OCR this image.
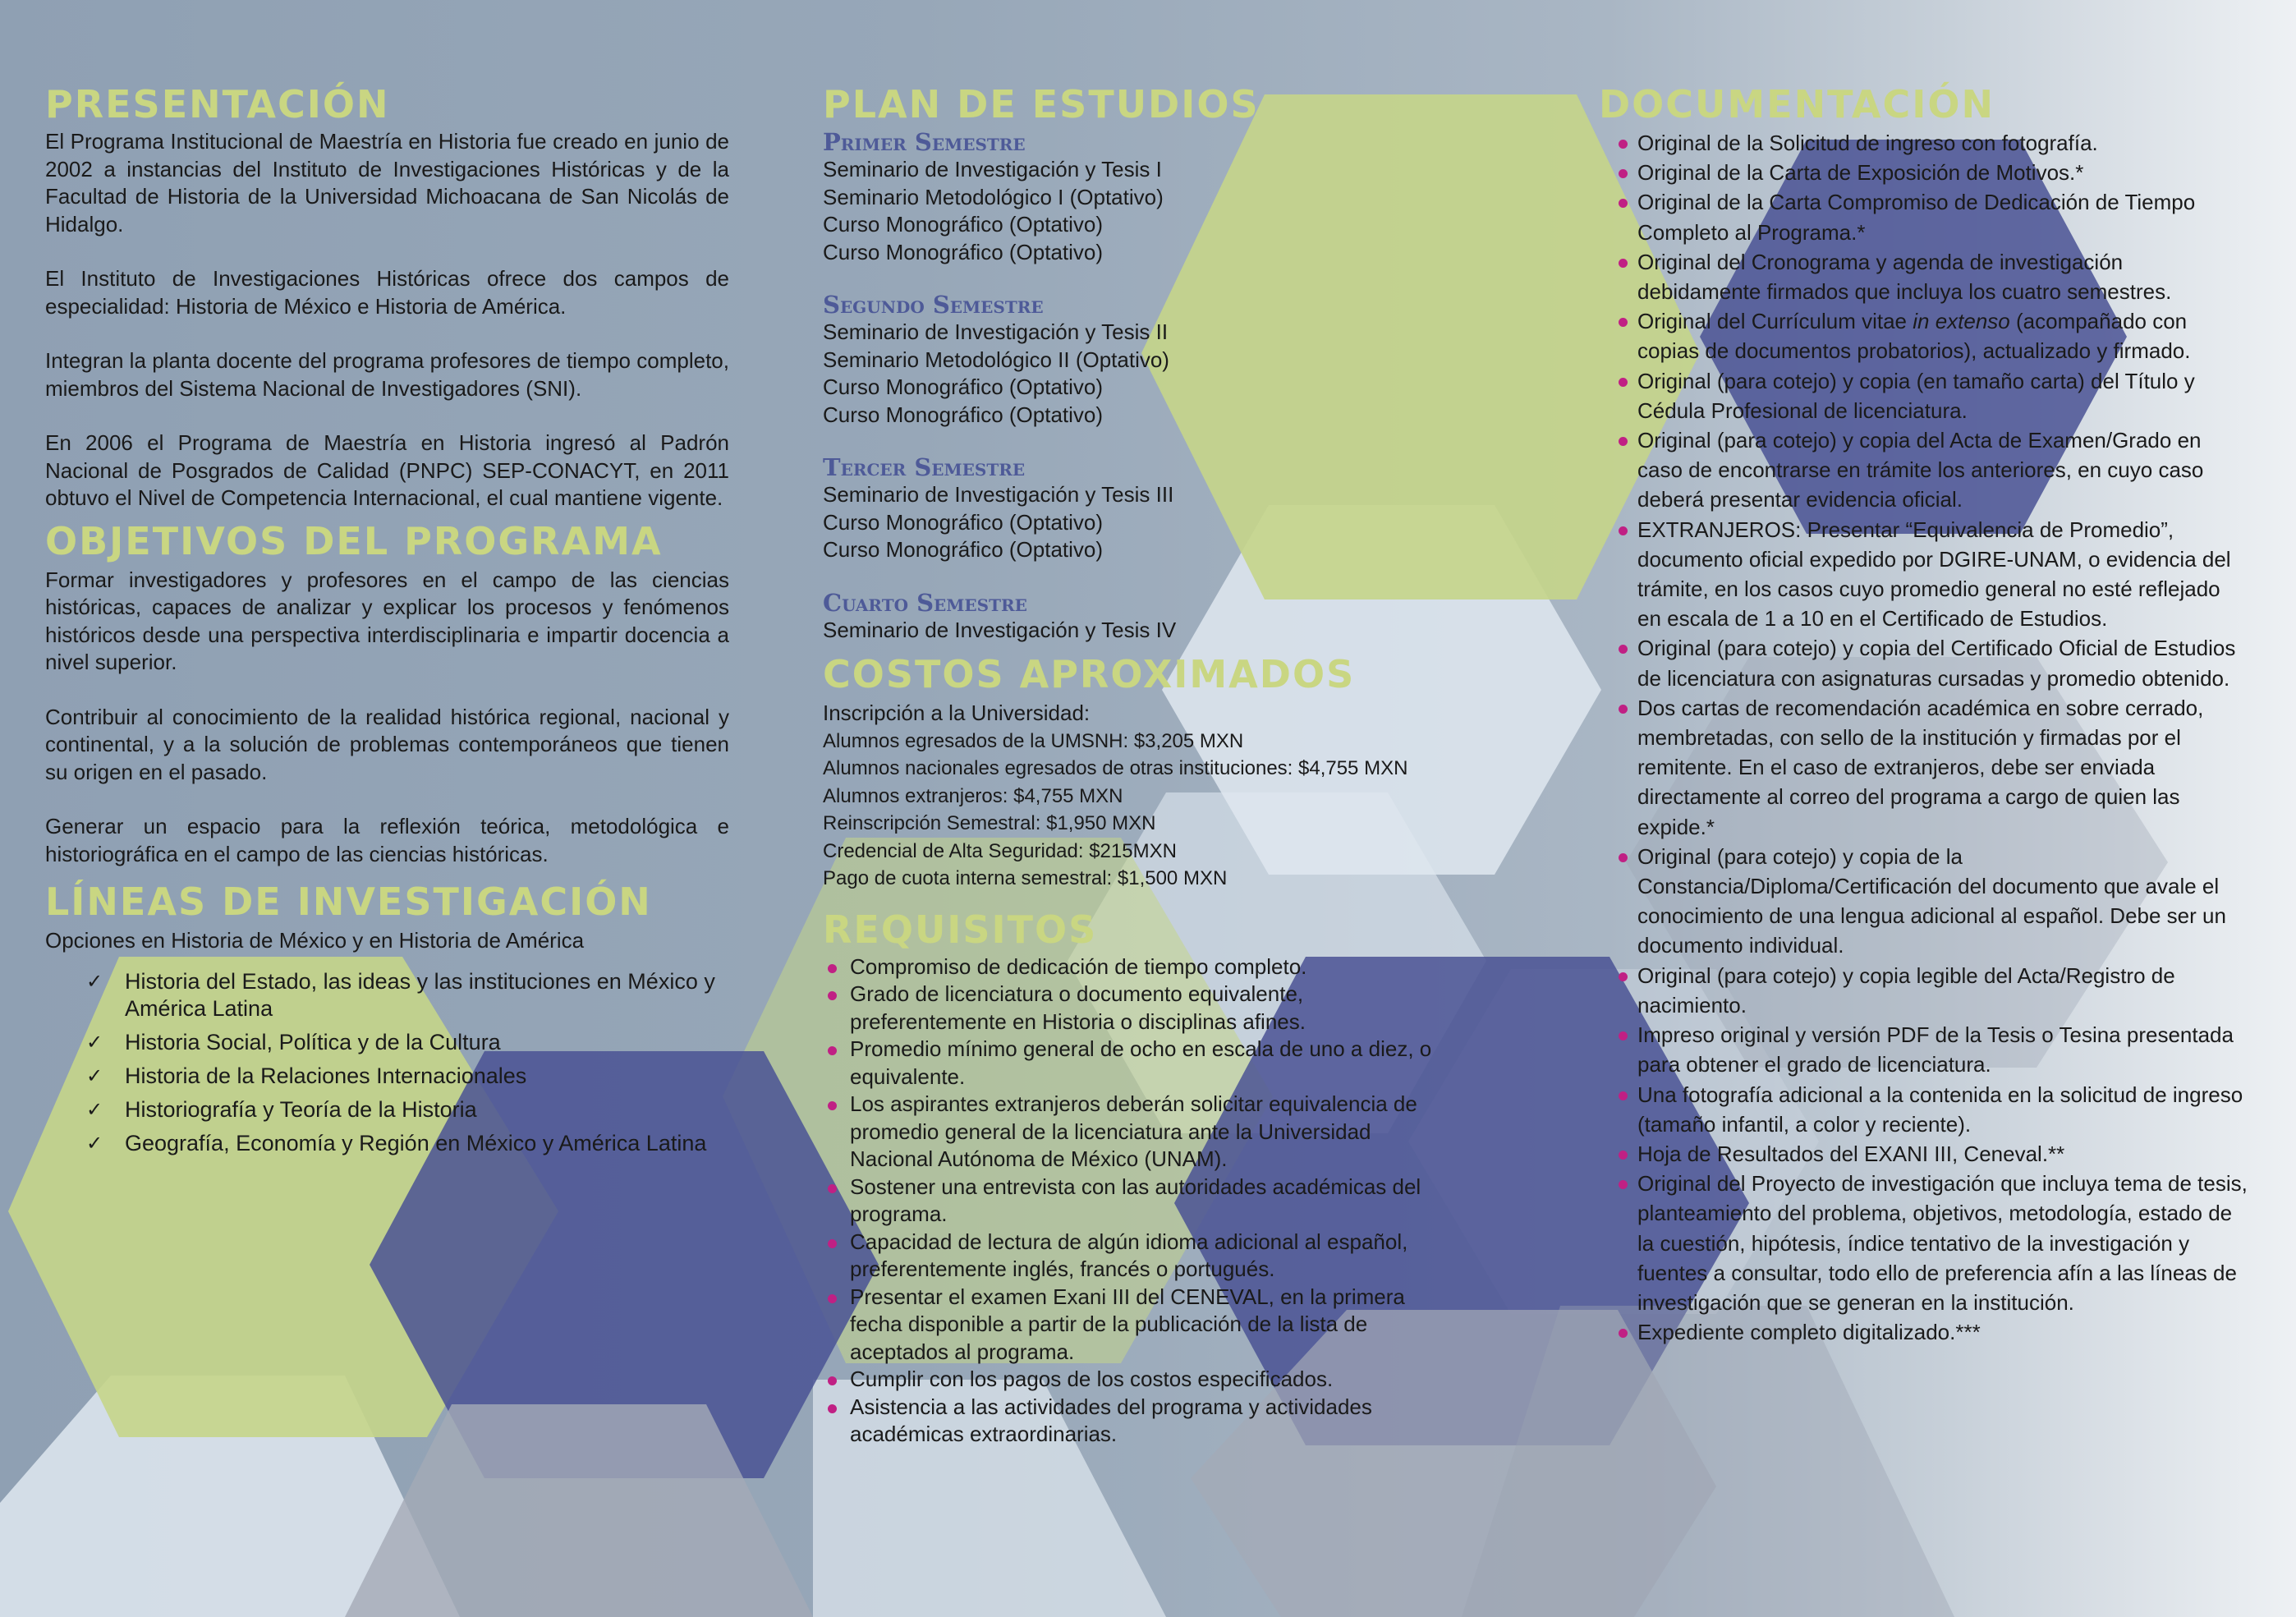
PRESENTACIÓN

El Programa Institucional de Maestría en Historia fue creado en junio de 2002 a instancias del Instituto de Investigaciones Históricas y de la Facultad de Historia de la Universidad Michoacana de San Nicolás de Hidalgo.

El Instituto de Investigaciones Históricas ofrece dos campos de especialidad: Historia de México e Historia de América.

Integran la planta docente del programa profesores de tiempo completo, miembros del Sistema Nacional de Investigadores (SNI).

En 2006 el Programa de Maestría en Historia ingresó al Padrón Nacional de Posgrados de Calidad (PNPC) SEP-CONACYT, en 2011 obtuvo el Nivel de Competencia Internacional, el cual mantiene vigente.

OBJETIVOS DEL PROGRAMA

Formar investigadores y profesores en el campo de las ciencias históricas, capaces de analizar y explicar los procesos y fenómenos históricos desde una perspectiva interdisciplinaria e impartir docencia a nivel superior.

Contribuir al conocimiento de la realidad histórica regional, nacional y continental, y a la solución de problemas contemporáneos que tienen su origen en el pasado.

Generar un espacio para la reflexión teórica, metodológica e historiográfica en el campo de las ciencias históricas.

LÍNEAS DE INVESTIGACIÓN

Opciones en Historia de México y en Historia de América

✓ Historia del Estado, las ideas y las instituciones en México y América Latina
✓ Historia Social, Política y de la Cultura
✓ Historia de la Relaciones Internacionales
✓ Historiografía y Teoría de la Historia
✓ Geografía, Economía y Región en México y América Latina
PLAN DE ESTUDIOS
Primer Semestre
Seminario de Investigación y Tesis I
Seminario Metodológico I (Optativo)
Curso Monográfico (Optativo)
Curso Monográfico (Optativo)
Segundo Semestre
Seminario de Investigación y Tesis II
Seminario Metodológico II (Optativo)
Curso Monográfico (Optativo)
Curso Monográfico (Optativo)
Tercer Semestre
Seminario de Investigación y Tesis III
Curso Monográfico (Optativo)
Curso Monográfico (Optativo)
Cuarto Semestre
Seminario de Investigación y Tesis IV
COSTOS APROXIMADOS
Inscripción a la Universidad:
Alumnos egresados de la UMSNH: $3,205 MXN
Alumnos nacionales egresados de otras instituciones: $4,755 MXN
Alumnos extranjeros: $4,755 MXN
Reinscripción Semestral: $1,950 MXN
Credencial de Alta Seguridad: $215MXN
Pago de cuota interna semestral: $1,500 MXN
REQUISITOS
Compromiso de dedicación de tiempo completo.
Grado de licenciatura o documento equivalente, preferentemente en Historia o disciplinas afines.
Promedio mínimo general de ocho en escala de uno a diez, o equivalente.
Los aspirantes extranjeros deberán solicitar equivalencia de promedio general de la licenciatura ante la Universidad Nacional Autónoma de México (UNAM).
Sostener una entrevista con las autoridades académicas del programa.
Capacidad de lectura de algún idioma adicional al español, preferentemente inglés, francés o portugués.
Presentar el examen Exani III del CENEVAL, en la primera fecha disponible a partir de la publicación de la lista de aceptados al programa.
Cumplir con los pagos de los costos especificados.
Asistencia a las actividades del programa y actividades académicas extraordinarias.
DOCUMENTACIÓN
Original de la Solicitud de ingreso con fotografía.
Original de la Carta de Exposición de Motivos.*
Original de la Carta Compromiso de Dedicación de Tiempo Completo al Programa.*
Original del Cronograma y agenda de investigación debidamente firmados que incluya los cuatro semestres.
Original del Currículum vitae in extenso (acompañado con copias de documentos probatorios), actualizado y firmado.
Original (para cotejo) y copia (en tamaño carta) del Título y Cédula Profesional de licenciatura.
Original (para cotejo) y copia del Acta de Examen/Grado en caso de encontrarse en trámite los anteriores, en cuyo caso deberá presentar evidencia oficial.
EXTRANJEROS: Presentar “Equivalencia de Promedio”, documento oficial expedido por DGIRE-UNAM, o evidencia del trámite, en los casos cuyo promedio general no esté reflejado en escala de 1 a 10 en el Certificado de Estudios.
Original (para cotejo) y copia del Certificado Oficial de Estudios de licenciatura con asignaturas cursadas y promedio obtenido.
Dos cartas de recomendación académica en sobre cerrado, membretadas, con sello de la institución y firmadas por el remitente. En el caso de extranjeros, debe ser enviada directamente al correo del programa a cargo de quien las expide.*
Original (para cotejo) y copia de la Constancia/Diploma/Certificación del documento que avale el conocimiento de una lengua adicional al español. Debe ser un documento individual.
Original (para cotejo) y copia legible del Acta/Registro de nacimiento.
Impreso original y versión PDF de la Tesis o Tesina presentada para obtener el grado de licenciatura.
Una fotografía adicional a la contenida en la solicitud de ingreso (tamaño infantil, a color y reciente).
Hoja de Resultados del EXANI III, Ceneval.**
Original del Proyecto de investigación que incluya tema de tesis, planteamiento del problema, objetivos, metodología, estado de la cuestión, hipótesis, índice tentativo de la investigación y fuentes a consultar, todo ello de preferencia afín a las líneas de investigación que se generan en la institución.
Expediente completo digitalizado.***
